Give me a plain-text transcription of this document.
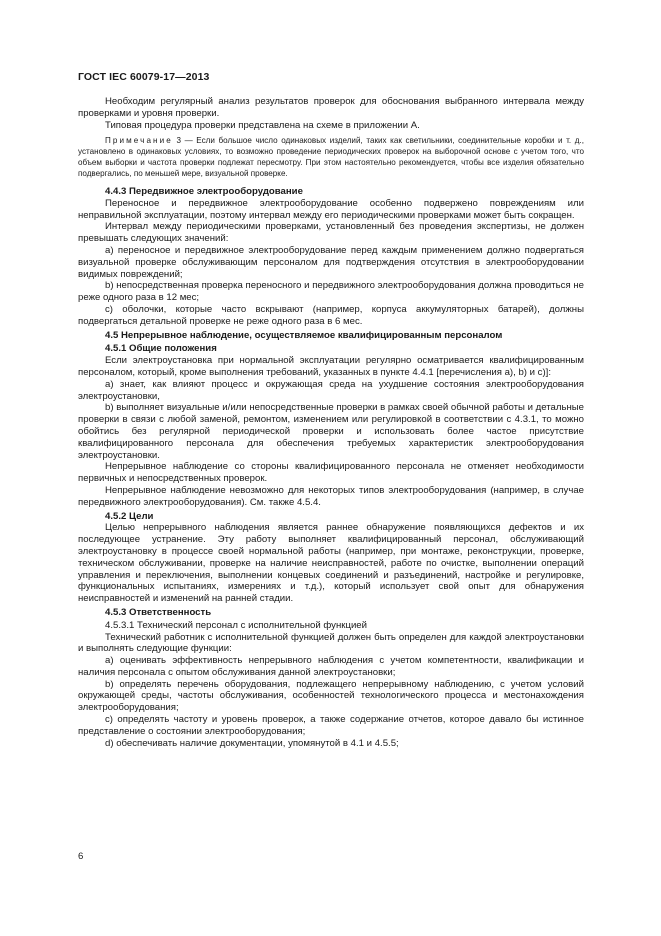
ГОСТ IEC 60079-17—2013

Необходим регулярный анализ результатов проверок для обоснования выбранного интервала между проверками и уровня проверки.

Типовая процедура проверки представлена на схеме в приложении А.

Примечание 3 — Если большое число одинаковых изделий, таких как светильники, соединительные коробки и т. д., установлено в одинаковых условиях, то возможно проведение периодических проверок на выборочной основе с учетом того, что объем выборки и частота проверки подлежат пересмотру. При этом настоятельно рекомендуется, чтобы все изделия обязательно подвергались, по меньшей мере, визуальной проверке.

4.4.3 Передвижное электрооборудование

Переносное и передвижное электрооборудование особенно подвержено повреждениям или неправильной эксплуатации, поэтому интервал между его периодическими проверками может быть сокращен.

Интервал между периодическими проверками, установленный без проведения экспертизы, не должен превышать следующих значений:

а) переносное и передвижное электрооборудование перед каждым применением должно подвергаться визуальной проверке обслуживающим персоналом для подтверждения отсутствия в электрооборудовании видимых повреждений;

b) непосредственная проверка переносного и передвижного электрооборудования должна проводиться не реже одного раза в 12 мес;

с) оболочки, которые часто вскрывают (например, корпуса аккумуляторных батарей), должны подвергаться детальной проверке не реже одного раза в 6 мес.

4.5 Непрерывное наблюдение, осуществляемое квалифицированным персоналом
4.5.1 Общие положения

Если электроустановка при нормальной эксплуатации регулярно осматривается квалифицированным персоналом, который, кроме выполнения требований, указанных в пункте 4.4.1 [перечисления а), b) и с)]:

а) знает, как влияют процесс и окружающая среда на ухудшение состояния электрооборудования электроустановки,

b) выполняет визуальные и/или непосредственные проверки в рамках своей обычной работы и детальные проверки в связи с любой заменой, ремонтом, изменением или регулировкой в соответствии с 4.3.1, то можно обойтись без регулярной периодической проверки и использовать более частое присутствие квалифицированного персонала для обеспечения требуемых характеристик электрооборудования электроустановки.

Непрерывное наблюдение со стороны квалифицированного персонала не отменяет необходимости первичных и непосредственных проверок.

Непрерывное наблюдение невозможно для некоторых типов электрооборудования (например, в случае передвижного электрооборудования). См. также 4.5.4.

4.5.2 Цели

Целью непрерывного наблюдения является раннее обнаружение появляющихся дефектов и их последующее устранение. Эту работу выполняет квалифицированный персонал, обслуживающий электроустановку в процессе своей нормальной работы (например, при монтаже, реконструкции, проверке, техническом обслуживании, проверке на наличие неисправностей, работе по очистке, выполнении операций управления и переключения, выполнении концевых соединений и разъединений, настройке и регулировке, функциональных испытаниях, измерениях и т.д.), который использует свой опыт для обнаружения неисправностей и изменений на ранней стадии.

4.5.3 Ответственность
4.5.3.1 Технический персонал с исполнительной функцией

Технический работник с исполнительной функцией должен быть определен для каждой электроустановки и выполнять следующие функции:

а) оценивать эффективность непрерывного наблюдения с учетом компетентности, квалификации и наличия персонала с опытом обслуживания данной электроустановки;

b) определять перечень оборудования, подлежащего непрерывному наблюдению, с учетом условий окружающей среды, частоты обслуживания, особенностей технологического процесса и местонахождения электрооборудования;

с) определять частоту и уровень проверок, а также содержание отчетов, которое давало бы истинное представление о состоянии электрооборудования;

d) обеспечивать наличие документации, упомянутой в 4.1 и 4.5.5;

6
